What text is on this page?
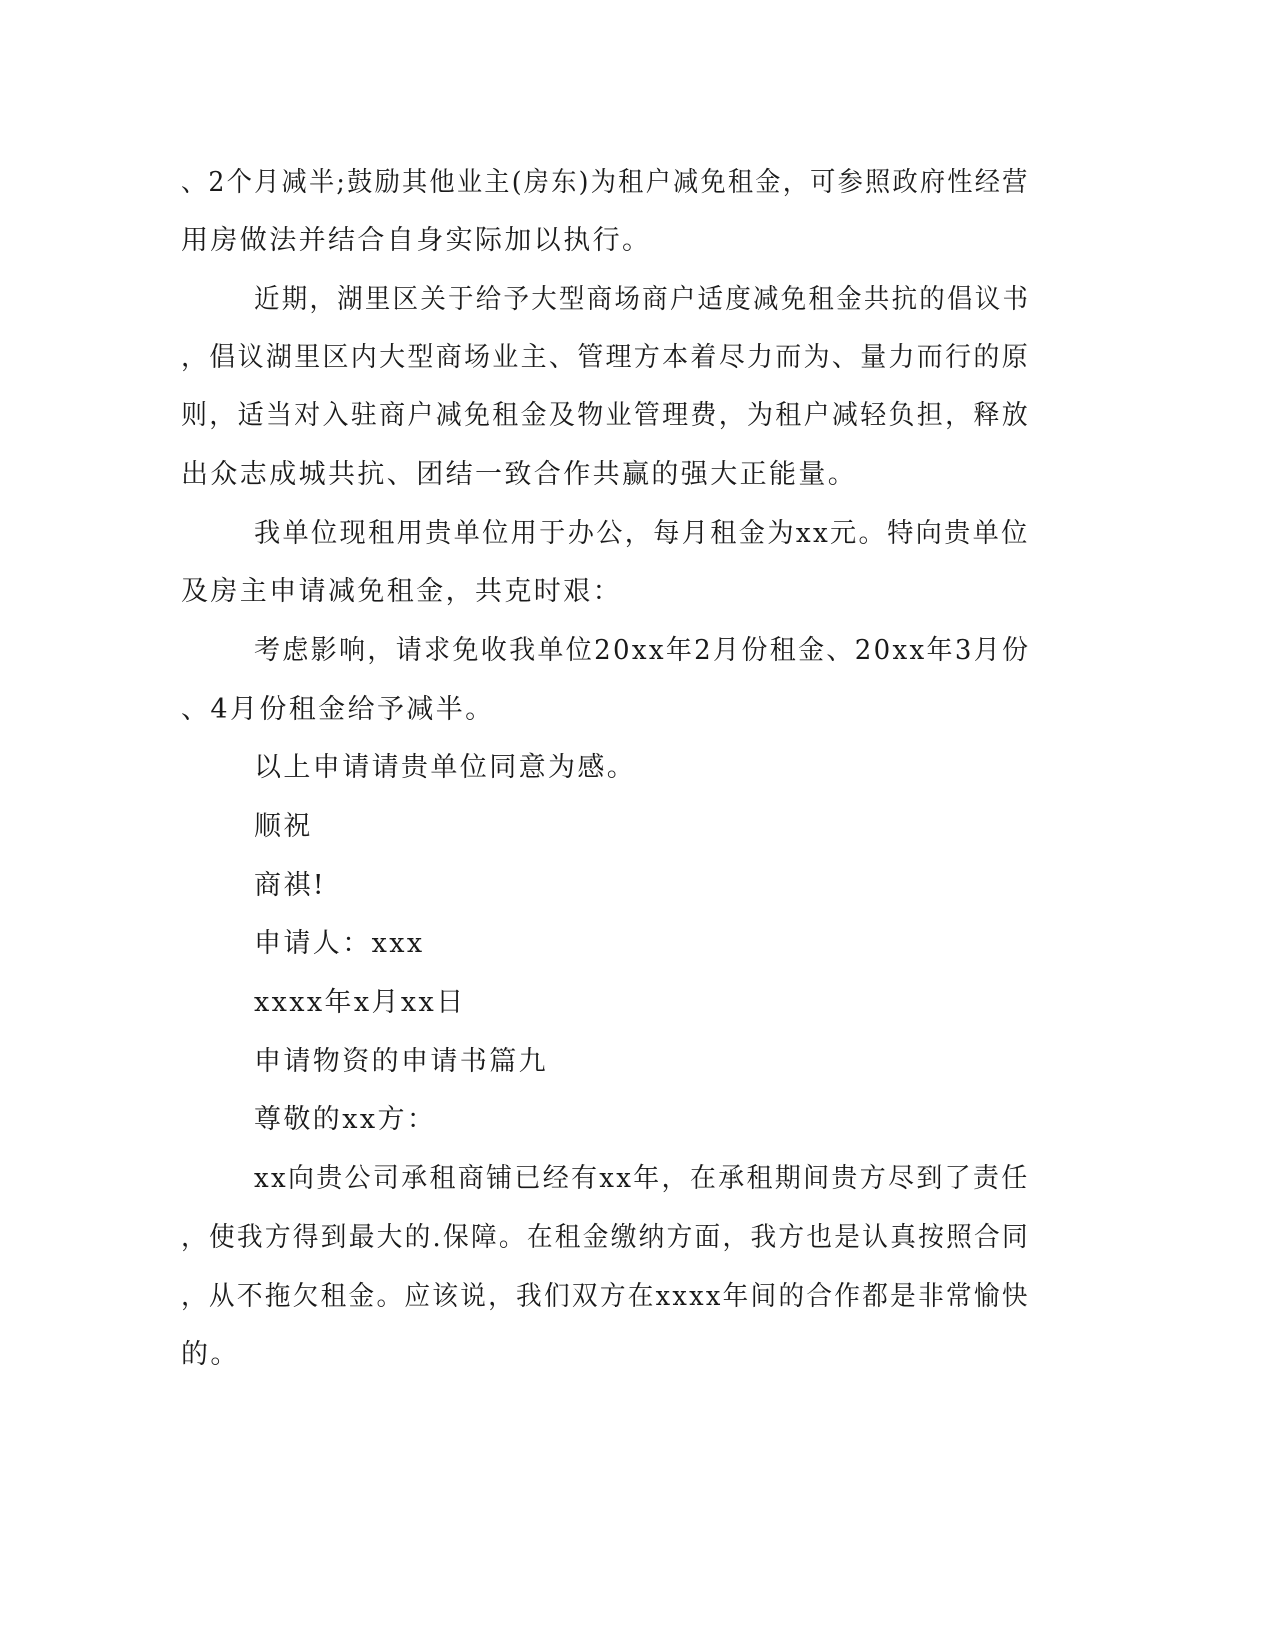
、2个月减半;鼓励其他业主(房东)为租户减免租金，可参照政府性经营
用房做法并结合自身实际加以执行。
近期，湖里区关于给予大型商场商户适度减免租金共抗的倡议书
，倡议湖里区内大型商场业主、管理方本着尽力而为、量力而行的原
则，适当对入驻商户减免租金及物业管理费，为租户减轻负担，释放
出众志成城共抗、团结一致合作共赢的强大正能量。
我单位现租用贵单位用于办公，每月租金为xx元。特向贵单位
及房主申请减免租金，共克时艰：
考虑影响，请求免收我单位20xx年2月份租金、20xx年3月份
、4月份租金给予减半。
以上申请请贵单位同意为感。
顺祝
商祺!
申请人：xxx
xxxx年x月xx日
申请物资的申请书篇九
尊敬的xx方：
xx向贵公司承租商铺已经有xx年，在承租期间贵方尽到了责任
，使我方得到最大的.保障。在租金缴纳方面，我方也是认真按照合同
，从不拖欠租金。应该说，我们双方在xxxx年间的合作都是非常愉快
的。
